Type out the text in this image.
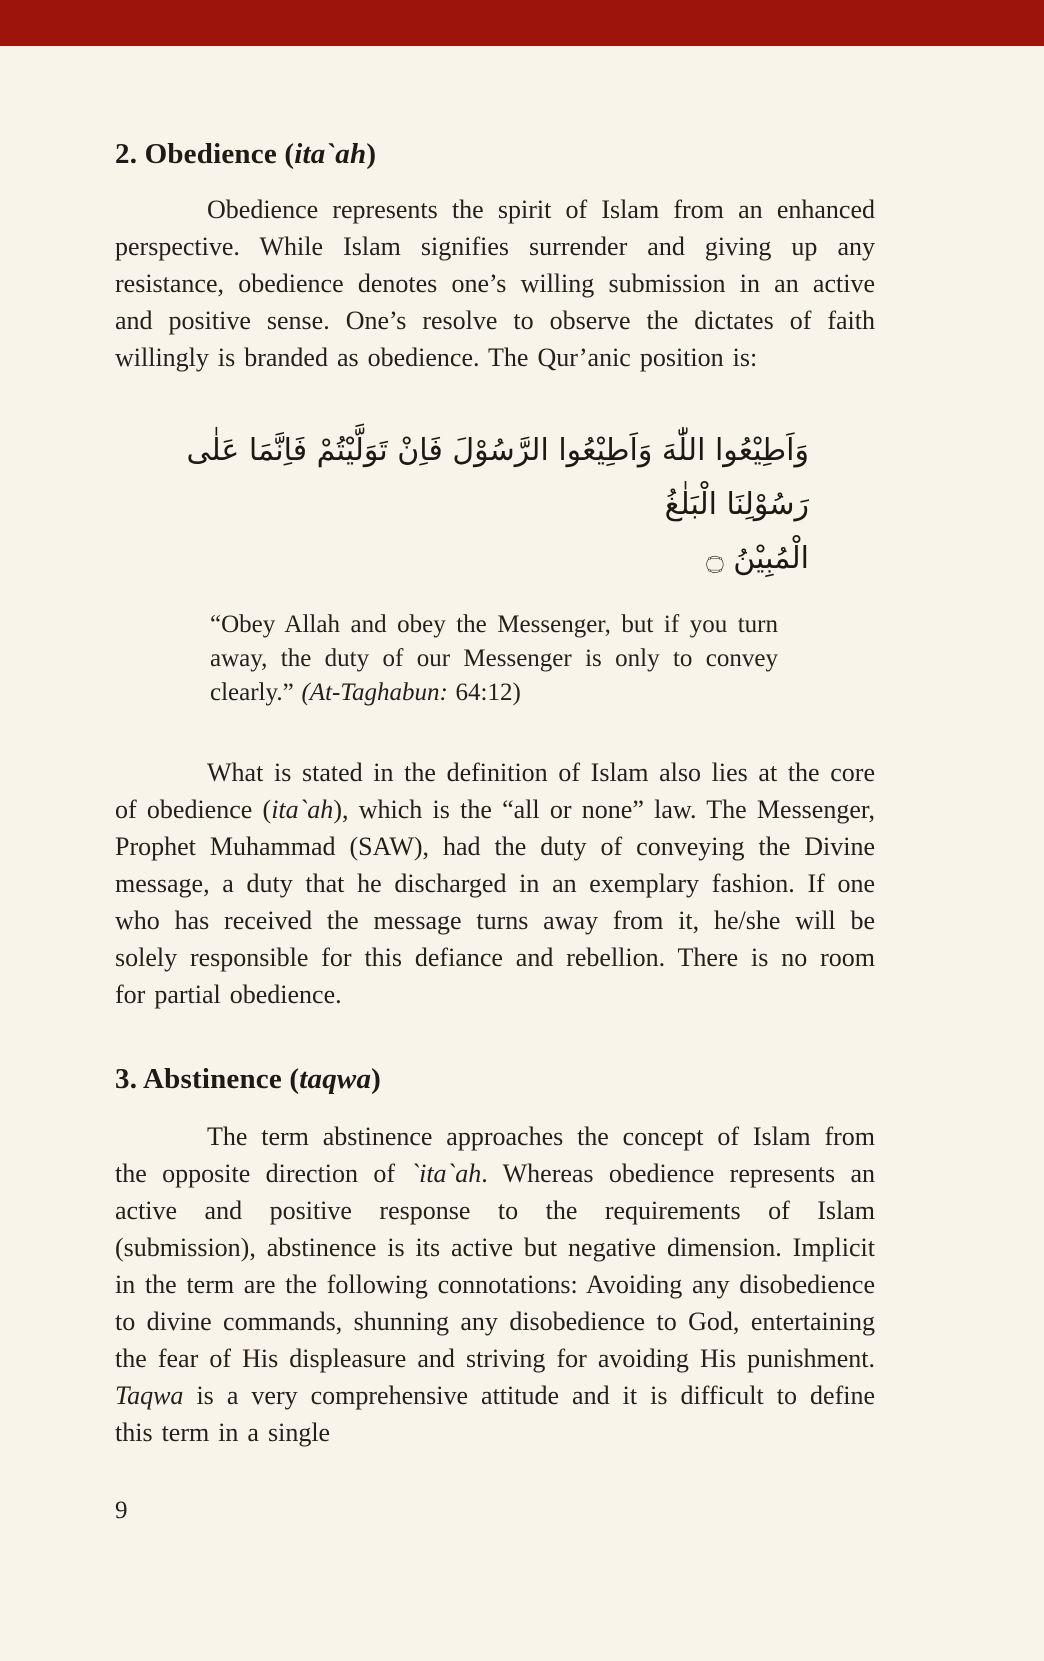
2. Obedience (ita`ah)

Obedience represents the spirit of Islam from an enhanced perspective. While Islam signifies surrender and giving up any resistance, obedience denotes one’s willing submission in an active and positive sense. One’s resolve to observe the dictates of faith willingly is branded as obedience. The Qur’anic position is:

وَاَطِيْعُوا اللّٰهَ وَاَطِيْعُوا الرَّسُوْلَ فَاِنْ تَوَلَّيْتُمْ فَاِنَّمَا عَلٰى رَسُوْلِنَا الْبَلٰغُ
الْمُبِيْنُ ۝
“Obey Allah and obey the Messenger, but if you turn away, the duty of our Messenger is only to convey clearly.” (At-Taghabun: 64:12)

What is stated in the definition of Islam also lies at the core of obedience (ita`ah), which is the “all or none” law. The Messenger, Prophet Muhammad (SAW), had the duty of conveying the Divine message, a duty that he discharged in an exemplary fashion. If one who has received the message turns away from it, he/she will be solely responsible for this defiance and rebellion. There is no room for partial obedience.

3. Abstinence (taqwa)

The term abstinence approaches the concept of Islam from the opposite direction of `ita`ah. Whereas obedience represents an active and positive response to the requirements of Islam (submission), abstinence is its active but negative dimension. Implicit in the term are the following connotations: Avoiding any disobedience to divine commands, shunning any disobedience to God, entertaining the fear of His displeasure and striving for avoiding His punishment. Taqwa is a very comprehensive attitude and it is difficult to define this term in a single

9
